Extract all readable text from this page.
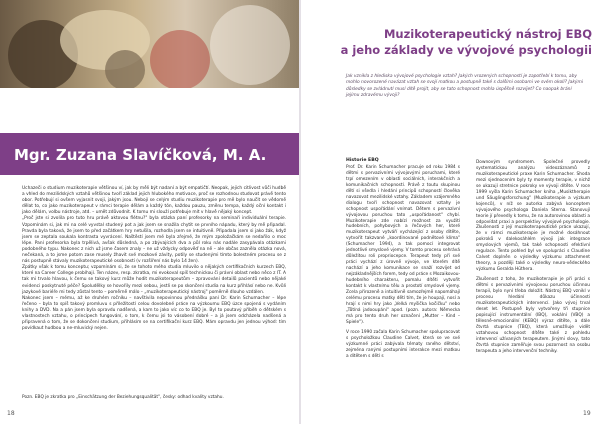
Mgr. Zuzana Slavíčková, M. A.

Uchazeči o studium muzikoterapie většinou ví, jak by měli být nadaní a být empatičtí. Neopak, jejich citlivost vůči hudbě a vhled do mezilidských vztahů většinou tvoří základ jejich hlubokého motivace, proč se rozhodnou studovat právě tento obor. Potřebují si ovšem vyjasnit svoji, jakým jsou. Nebojí se celým studiu muzikoterapie pro mě bylo naučit se vědomě dělat to, co jako muzikoterapeut v rámci terapie dělám a každý tón, každou pauzu, změnu tempa, každý oční kontakt i jako dělám, volbu nástroje, atd. – umět zdůvodnit. K tomu mi slouží potřebuje mít v hlavě nějaký koncept.

„Proč jste si zvolila pro tuto hru právě aktovou flétnu?" byla otázka paní profesorky na seminaři individuální terapie. Vzpomínám si, jak mi na celé vyvstal studený pot a jak jsem se snažila chytit se prvního nápadu, který by mě připadal. Pravda byla taková, že jsem to před začátkem hry netušila, rozhodla jsem se intuitivně. Připadala jsem si jako žák, když jsem se zeptala soukala kontrasta vyvrácení. Naštěstí jsem mé byla zřejmé, že mým zpoložačkám se nedařilo o moc lépe. Paní profesorka byla trpělivá, avšak důsledná, a po zbývajících dva a půl roku nás nadále zasypávala otázkami podobného typu. Nakonec z nich už jsme časem znaly – ne už vždycky odpověď na ně – ale občas zazněla otázka nová, nečekaná, a to jsme potom zase musely žhavit své mozkové závity, potily se studenými tímto bolestném procesu se z nás postupně stávaly muzikoterapeutické osobnosti (v rozšíření nás bylo 14 žen).

Zpátky však k tomu konceptu; vzpomínám si, že se tohoto mého studia mluvilo o nějakých certifikačních kurzech EBQ, které na Career College probíhají. Ten název, resp. zkratka, mi evokoval spíš technickou či právní oblast nebo něco z IT. A tak mi trvalo hlavou, k čemu se takový kurz může hodit muzikoterapeutům – zpravování detailů pacientů nebo nějaké evidenci poskytnuté péče? Spoludělky se hovořily mezi sebou, jestli se po skončení studia na kurz přihlásí nebo ne. Kvůli jazykové bariéře mi tedy zůstal tento – poměrně málo – „muzikoterapeutický nástroj" poměrně dlouho vzdálen.

Nakonec jsem – mému, až ke druhém ročníku – navštívila nepovinnou přednášku paní Dr. Karin Schumacher – lépe řečeno – byla to spíš takový promluvu s příležitostí celou dovolebné práce na výzkoumu EBQ úzce spojená s vydáním knihy a DVD. Na a pán jsem byla opravdu nadšená, a kam to jako víc co to EBQ je. Byl to poutavý příběh o dětském s vlastnostech vztahu, o principech fungování, o tom, k čemu jsi to vásobení dobré – a já jsem odcházela nadšená a připravená o tom, že se dokončení studium, přihlásím se na certifikační kurz EBQ. Mám opravdu jen jednou výhod: tím povídkaut hudbou a ne-mluvický nejen.

Pozn. EBQ je zkratka pro „Einschätzung der Beziehungsqualität", česky: odhad kvality vztahu.
18
Muzikoterapeutický nástroj EBQ
a jeho základy ve vývojové psychologii
Jak vznikla z hlediska vývojové psychologie vztah? Jakých vrozených schopností je zapotřebí k tomu, aby mohlo novorozené navázat vztah se svojí matkou a postupně také s dalšími osobami ve svém okolí? Jakými důsledky se zvládnutí musí dítě projít, aby se tato schopnost mohla úspěšně rozvíjet? Co naopak brání jejímu zdravému vývoji?
Historie EBQ

Prof. Dr. Karin Schumacher pracuje od roku 1984 s dětmi s pervazivními vývojovými poruchami, které trpí omezením v oblasti sociálních, interakčních a komunikačních schopností. Právě z toutu skupinou dětí si všedla i hledání principů schopností člověka navazovat mezilidské vztahy. Základem vzájemného dialogu tvoří schopnost navazovat vztahy je schopnost uspořádání vnímat. Dětem s pervazivní vývojovou poruchou tato „uspořádanost" chybí. Muzikoterapie zde nabízí možnost za využití hudebních, pohybových a řečových her, které muzikoterapeut vytváří vycházející z osoby dítěte, vytvořit takzvané „koordinované podnětové klíma" (Schumacher 1994), a tak pomocí integrovat jednotlivé smyslové vjemy. V tomto procesu sehrává důležitou roli propriocepce. Terapeut tedy při své práci vychází z úrovně vývoje, ve kterém dítě nachází a jeho komunikace se snaží rozvíjet od nejzákladnějších forem, tedy od práce s Mozaikovou-hudebního charakteru, pomalu dítěti vytvořit kontakt k vlastnímu tělu a prostotí smyslové vjemy. Zcela přirozeně a intuitivně samozřejmě napomáhají celému procesu matky dětí tím, že je houpají, nosí a hrají s nimi hry jako „Velká myšička kočičku" nebo „Tůtíná jadooupání" apod. (pozn. autora: Německa má pro tento druh her označení „Mutter – Kind – Spiele").

V roce 1990 začala Karin Schumacher spolupracovat s psycholožkou Claudine Calvet, která se ve své výzkumné práci zabývala tématy raného dětství, zejména ranými postupními interakce mezi matkou a dítětem s dětí s

Downovým syndromem. Společné provedly systematickou analýzu videozáznamů z muzikoterapeutické praxe Karin Schumacher. Shoda mezi sjednocením byly ty momenty terapie, v nichž se ukazují stretnice pokroky ve vývoji dítěte. V roce 1999 vyšla Karin Schumacher kniha „Musiktherapie und Säuglingsforschung" (Muzikoterapie a výzkum kojenců), v níž se autorka zabývá konceptem vývojového psychologa Daniela Sterna. Stanovují teorie jí převedly k tomu, že na autorovinou oblasti a odpovídat praxi a perspektivy vývojové psychologie. Zkušenosti z její muzikoterapeutické práce ukazují, že v rámci muzikoterapie je možné dosáhnout pokroků v dalekosáhlém vývoji jak integrace smyslových vjemů, tak také schopnosti efektivní regulace. Tento pohled byl ve spolupráci s Claudine Calvet doplněn o výsledky výzkumu attachment theory, a později také o výsledky neuro-vědeckého výzkumu Geralda Hüthera.

Zkušenost z toho, že muzikoterapie je při práci s dětmi s pervazivními vývojovou poruchou účinnou terapií, bylo nyní třeba doložit. Nástroj EBQ vznikl v procesu hledání důkazu účinnosti muzikoterapeutických intervencí. Jako vývoj trval deset let. Postupně byly vytvořeny tři stupnice popisující instrumentální (IBQ), vokální (VBQ) a tělesně-emocionální (KEBQ) výraz dítěte, a dále čtvrtá stupnice (TBQ), která umožňuje vidět vztahovou schopnost dítěte také z pohledu intervencí užívaných terapeutem. Jinými slovy, tato čtvrtá stupnice zaměřuje svou pozornost na osobu terapeuta a jeho intervenční techniky.

19
